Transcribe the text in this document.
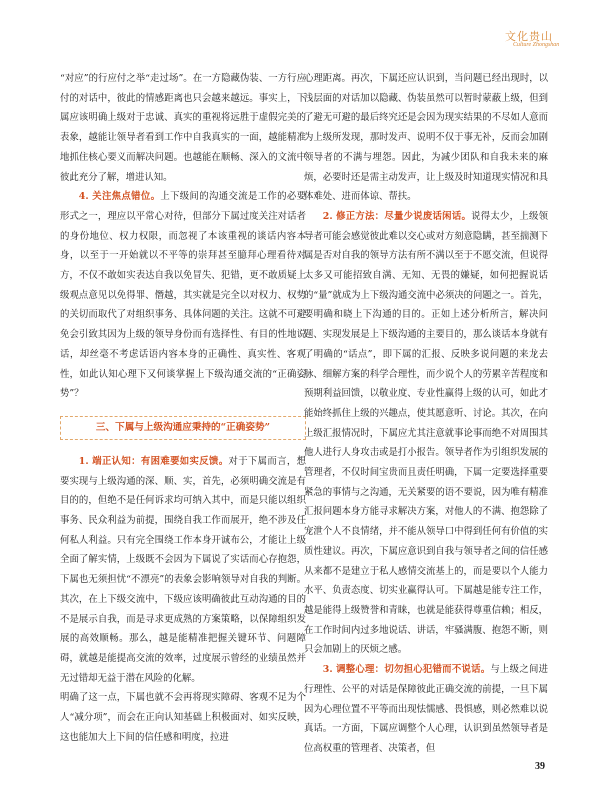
文化贵山
Culture Zhongshan

“对应”的行应付之举“走过场”。在一方隐藏伪装、一方行应付的对话中，彼此的情感距离也只会越来越远。事实上，下属应该明确上级对于忠诚、真实的重视将远胜于虚假完美的表象，越能让领导者看到工作中自我真实的一面，越能精准地抓住核心要义而解决问题。也越能在顺畅、深入的文流中彼此充分了解，增进认知。

4. 关注焦点错位。上下级间的沟通交流是工作的必要形式之一，理应以平常心对待，但部分下属过度关注对话者的身份地位、权力权限，而忽视了本该重视的谈话内容本身，以至于一开始就以不平等的崇拜甚至臆拜心理看待对方，不仅不敢如实表达自我以免冒失、犯错，更不敢质疑上级观点意见以免得罪、僭越，其实就是完全以对权力、权势的关切而取代了对组织事务、具体问题的关注。这就不可避免会引致其因为上级的领导身份而有选择性、有目的性地说话，却丝毫不考虑话语内容本身的正确性、真实性、客观性，如此认知心理下又何谈掌握上下级沟通交流的“正确姿势”？

三、下属与上级沟通应秉持的“正确姿势”

1. 端正认知：有困难要如实反馈。对于下属而言，想要实现与上级沟通的深、顺、实，首先，必须明确交流是有目的的，但绝不是任何诉求均可纳入其中，而是只能以组织事务、民众利益为前提，围绕自我工作而展开，绝不涉及任何私人利益。只有完全围绕工作本身开诚布公，才能让上级全面了解实情，上级既不会因为下属说了实话而心存抱怨，下属也无须担忧“不漂亮”的表象会影响领导对自我的判断。其次，在上下级交流中，下级应该明确彼此互动沟通的目的不是展示自我，而是寻求更成熟的方案策略，以保障组织发展的高效顺畅。那么，越是能精准把握关键环节、问题障碍，就越是能提高交流的效率，过度展示曾经的业绩虽然并无过错却无益于潜在风险的化解。

明确了这一点，下属也就不会再将现实障碍、客观不足为个人“减分项”，而会在正向认知基础上积极面对、如实反映，这也能加大上下间的信任感和明度，拉进

心理距离。再次，下属还应认识到，当问题已经出现时，以浅层面的对话加以隐藏、伪装虽然可以暂时蒙蔽上级，但到了避无可避的最后终究还是会因为现实结果的不尽如人意而为上级所发现，那时发声、说明不仅于事无补，反而会加剧领导者的不满与埋怨。因此，为减少团队和自我未来的麻烦，必要时还是需主动发声，让上级及时知道现实情况和具体难处、进而体谅、帮扶。

2. 修正方法：尽量少说废话闲话。说得太少，上级领导者可能会感觉彼此难以交心或对方刻意隐瞒，甚至揣测下属是否对自我的领导方法有所不满以至于不愿交流，但说得太多又可能招致自满、无知、无畏的嫌疑，如何把握说话的“量”就成为上下级沟通交流中必须决的问题之一。首先，要明确和晓上下沟通的目的。正如上述分析所言，解决问题、实现发展是上下级沟通的主要目的，那么谈话本身就有了明确的“话点”，即下属的汇报、反映多说问题的来龙去脉、细解方案的科学合理性，而少说个人的劳累辛苦程度和预期利益回馈，以敬业度、专业性赢得上级的认可，如此才能始终抓住上级的兴趣点，使其愿意听、讨论。其次，在向上级汇报情况时，下属应尤其注意就事论事而绝不对周围其他人进行人身攻击或是打小报告。领导者作为引组织发展的管理者，不仅时间宝贵而且责任明确，下属一定要选择重要紧急的事情与之沟通，无关紧要的语不要说，因为唯有精准汇报问题本身方能寻求解决方案，对他人的不满、抱怨除了宠泄个人不良情绪，并不能从领导口中得到任何有价值的实质性建议。再次，下属应意识到自我与领导者之间的信任感从来都不是建立于私人感情交流基上的，而是要以个人能力水平、负责态度、切实业赢得认可。下属越是能专注工作，越是能得上级赞誉和青睐，也就是能获得尊重信赖；相反，在工作时间内过多地说话、讲话，牢骚满腹、抱怨不断，则只会加剧上的厌烦之感。

3. 调整心理：切勿担心犯错而不说话。与上级之间进行理性、公平的对话是保障彼此正确交流的前提，一旦下属因为心理位置不平等而出现怯懦感、畏惧感，则必然难以说真话。一方面，下属应调整个人心理，认识到虽然领导者是位高权重的管理者、决策者，但

39
